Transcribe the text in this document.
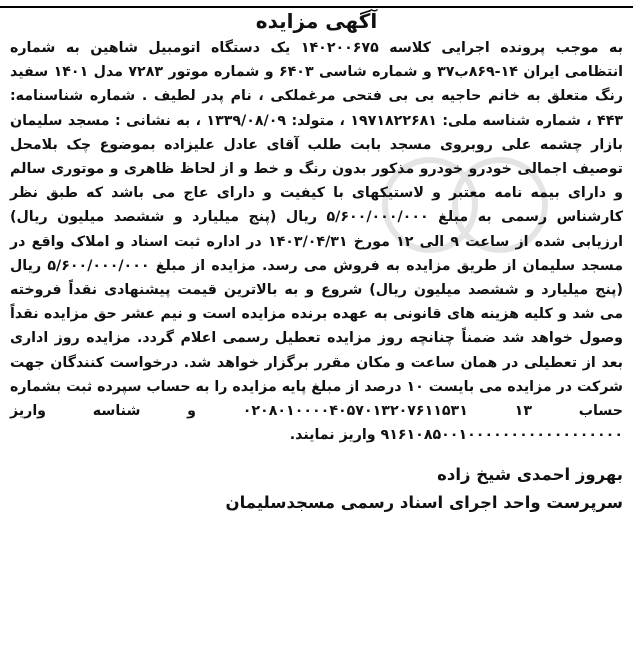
آگهی مزایده

به موجب پرونده اجرایی کلاسه ۱۴۰۲۰۰۶۷۵ یک دستگاه اتومبیل شاهین به شماره انتظامی ایران ۱۴-۸۶۹ب۳۷ و شماره شاسی ۶۴۰۳ و شماره موتور ۷۲۸۳ مدل ۱۴۰۱ سفید رنگ متعلق به خانم حاجیه بی بی فتحی مرغملکی ، نام پدر لطیف . شماره شناسنامه: ۴۴۳ ، شماره شناسه ملی: ۱۹۷۱۸۲۲۶۸۱ ، متولد: ۱۳۳۹/۰۸/۰۹ ، به نشانی : مسجد سلیمان بازار چشمه علی روبروی مسجد بابت طلب آقای عادل علیزاده بموضوع چک بلامحل توصیف اجمالی خودرو خودرو مذکور بدون رنگ و خط و از لحاظ ظاهری و موتوری سالم و دارای بیمه نامه معتبر و لاستیکهای با کیفیت و دارای عاج می باشد که طبق نظر کارشناس رسمی به مبلغ ۵/۶۰۰/۰۰۰/۰۰۰ ریال (پنج میلیارد و ششصد میلیون ریال) ارزیابی شده از ساعت ۹ الی ۱۲ مورخ ۱۴۰۳/۰۴/۳۱ در اداره ثبت اسناد و املاک واقع در مسجد سلیمان از طریق مزایده به فروش می رسد. مزایده از مبلغ ۵/۶۰۰/۰۰۰/۰۰۰ ریال (پنج میلیارد و ششصد میلیون ریال) شروع و به بالاترین قیمت پیشنهادی نقداً فروخته می شد و کلیه هزینه های قانونی به عهده برنده مزایده است و نیم عشر حق مزایده نقداً وصول خواهد شد ضمناً چنانچه روز مزایده تعطیل رسمی اعلام گردد. مزایده روز اداری بعد از تعطیلی در همان ساعت و مکان مقرر برگزار خواهد شد. درخواست کنندگان جهت شرکت در مزایده می بایست ۱۰ درصد از مبلغ پایه مزایده را به حساب سپرده ثبت بشماره حساب ۱۳ ۰۲۰۸۰۱۰۰۰۰۴۰۵۷۰۱۳۲۰۷۶۱۱۵۳۱ و شناسه واریز ۹۱۶۱۰۸۵۰۰۱۰۰۰۰۰۰۰۰۰۰۰۰۰۰۰۰۰۰ واریز نمایند.

بهروز احمدی شیخ زاده
سرپرست واحد اجرای اسناد رسمی مسجدسلیمان
